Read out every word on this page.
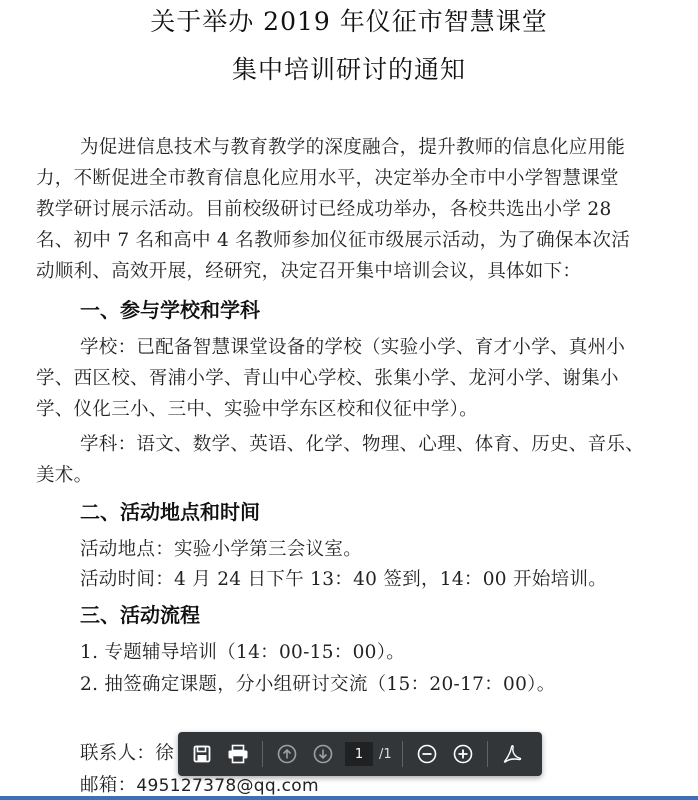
关于举办 2019 年仪征市智慧课堂
集中培训研讨的通知
为促进信息技术与教育教学的深度融合，提升教师的信息化应用能
力，不断促进全市教育信息化应用水平，决定举办全市中小学智慧课堂
教学研讨展示活动。目前校级研讨已经成功举办，各校共选出小学 28
名、初中 7 名和高中 4 名教师参加仪征市级展示活动，为了确保本次活
动顺利、高效开展，经研究，决定召开集中培训会议，具体如下：
一、参与学校和学科
学校：已配备智慧课堂设备的学校（实验小学、育才小学、真州小
学、西区校、胥浦小学、青山中心学校、张集小学、龙河小学、谢集小
学、仪化三小、三中、实验中学东区校和仪征中学）。
学科：语文、数学、英语、化学、物理、心理、体育、历史、音乐、
美术。
二、活动地点和时间
活动地点：实验小学第三会议室。
活动时间：4 月 24 日下午 13：40 签到，14：00 开始培训。
三、活动流程
1. 专题辅导培训（14：00-15：00）。
2. 抽签确定课题，分小组研讨交流（15：20-17：00）。
联系人：徐
邮箱：495127378@qq.com
1	/1
